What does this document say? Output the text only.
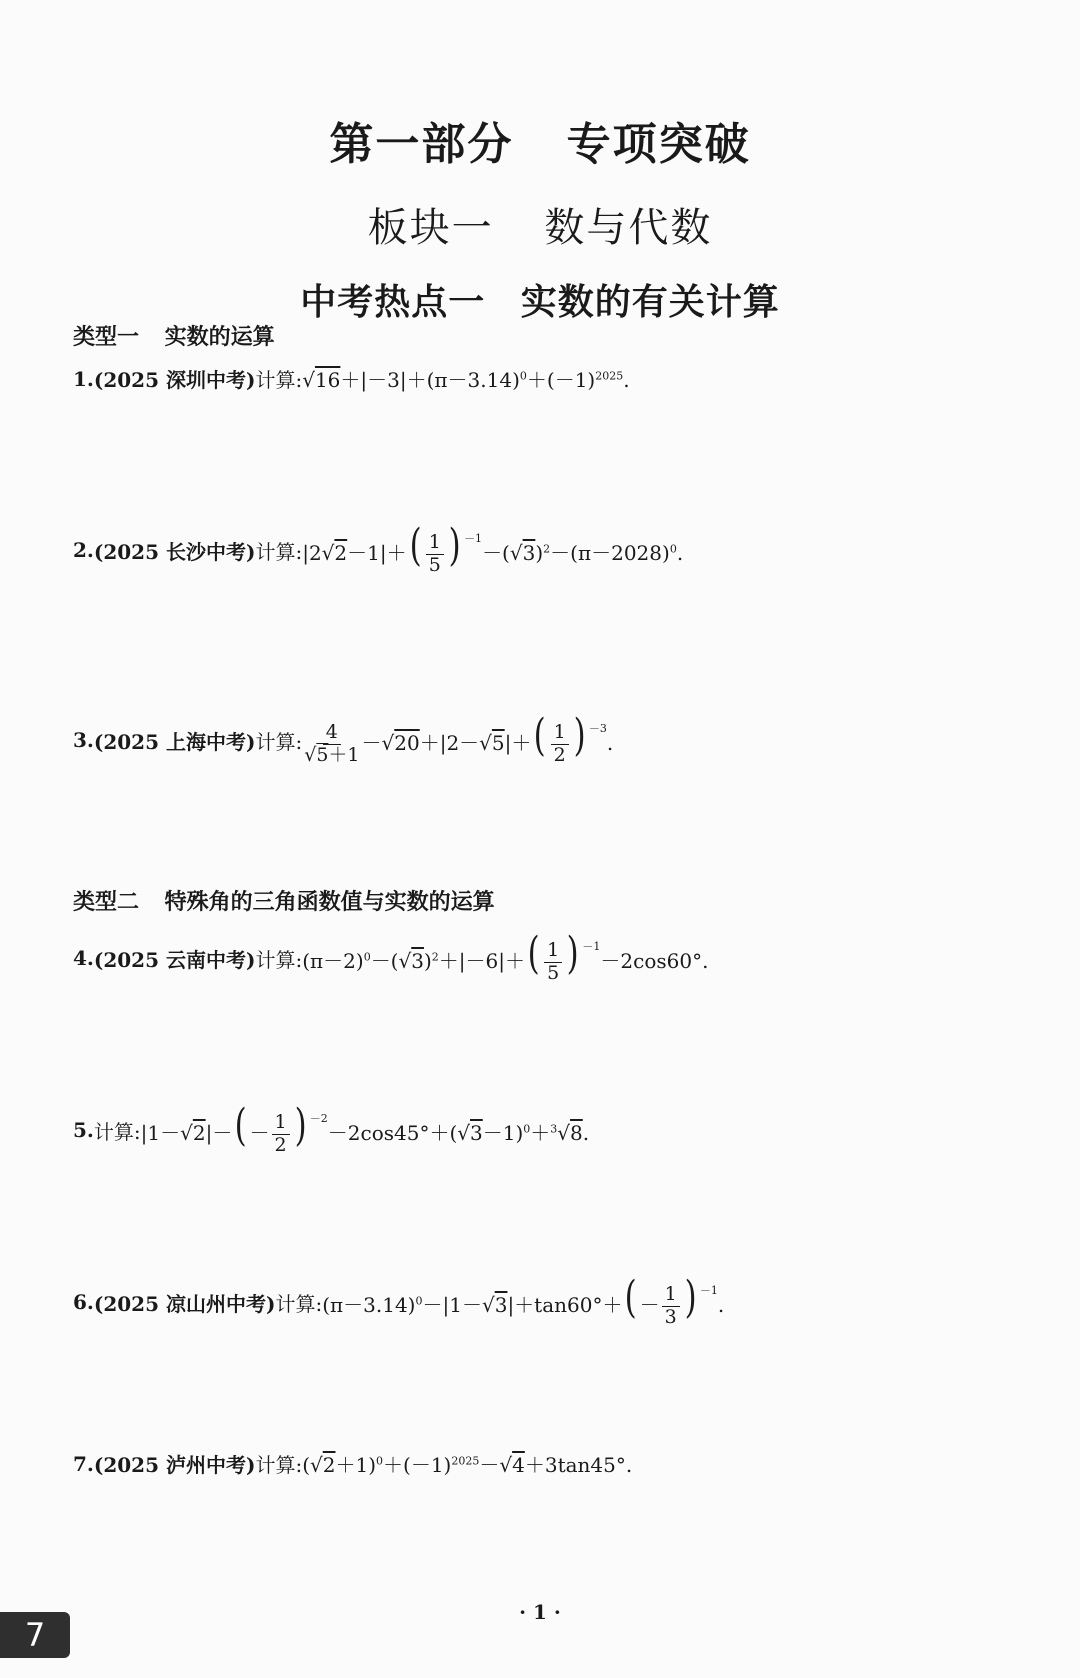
第一部分 专项突破
板块一 数与代数
中考热点一 实数的有关计算
类型一 实数的运算
1. (2025 深圳中考) 计算: $√16+|-3|+(\pi-3.14)^0+(-1)^{2025}$.
2. (2025 长沙中考) 计算: $|2√2-1|+( \frac{1}{5}$ ) $^{-1}-(√3)^2-(\pi-2028)^0$.
3. (2025 上海中考) 计算: $\frac{4}{√5+1} -√20+|2-√5|+( \frac{1}{2}$ ) $^{-3}$.
类型二 特殊角的三角函数值与实数的运算
4. (2025 云南中考) 计算: $(\pi-2)^0-(√3)^2+|-6|+( \frac{1}{5}$ ) $^{-1}$－2cos60°.
5. 计算: $|1-√2|-( - \frac{1}{2}$ ) $^{-2}-2\cos 45^\circ+(√3-1)^0+^3√8$.
6. (2025 凉山州中考) 计算: $(\pi-3.14)^0-|1-√3|+\tan 60^\circ+( - \frac{1}{3}$ ) $^{-1}$.
7. (2025 泸州中考) 计算: $(√2+1)^0+(-1)^{2025}-√4+3\tan 45^\circ$.
· 1 ·
7
